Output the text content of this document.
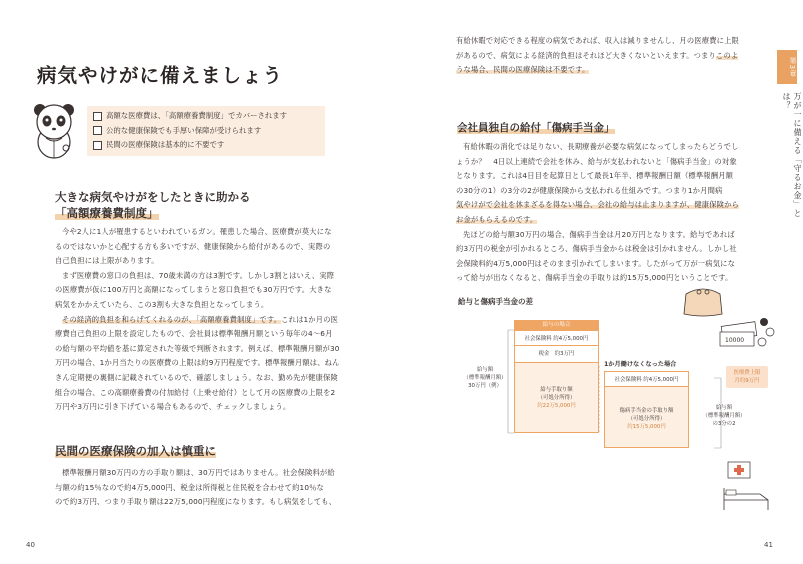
病気やけがに備えましょう
高額な医療費は、「高額療養費制度」でカバーされます
公的な健康保険でも手厚い保障が受けられます
民間の医療保険は基本的に不要です
大きな病気やけがをしたときに助かる
「高額療養費制度」

今や2人に1人が罹患するといわれているガン。罹患した場合、医療費が莫大にな

るのではないかと心配する方も多いですが、健康保険から給付があるので、実際の

自己負担には上限があります。

まず医療費の窓口の負担は、70歳未満の方は3割です。しかし3割とはいえ、実際

の医療費が仮に100万円と高額になってしまうと窓口負担でも30万円です。大きな

病気をかかえていたら、この3割も大きな負担となってしまう。

その経済的負担を和らげてくれるのが、「高額療養費制度」です。これは1か月の医

療費自己負担の上限を設定したもので、会社員は標準報酬月額という毎年の4～6月

の給与額の平均値を基に算定された等級で判断されます。例えば、標準報酬月額が30

万円の場合、1か月当たりの医療費の上限は約9万円程度です。標準報酬月額は、ねん

きん定期便の裏側に記載されているので、確認しましょう。なお、勤め先が健康保険

組合の場合、この高額療養費の付加給付（上乗せ給付）として月の医療費の上限を2

万円や3万円に引き下げている場合もあるので、チェックしましょう。

民間の医療保険の加入は慎重に

標準報酬月額30万円の方の手取り額は、30万円ではありません。社会保険料が給

与額の約15％なので約4万5,000円、税金は所得税と住民税を合わせて約10％な

ので約3万円、つまり手取り額は22万5,000円程度になります。もし病気をしても、

40

有給休暇で対応できる程度の病気であれば、収入は減りませんし、月の医療費に上限

があるので、病気による経済的負担はそれほど大きくないといえます。つまりこのよ

うな場合、民間の医療保険は不要です。

会社員独自の給付「傷病手当金」

有給休暇の消化では足りない、長期療養が必要な病気になってしまったらどうでし

ょうか？　4日以上連続で会社を休み、給与が支払われないと「傷病手当金」の対象

となります。これは4日目を起算日として最長1年半、標準報酬日額（標準報酬月額

の30分の1）の3分の2が健康保険から支払われる仕組みです。つまり1か月間病

気やけがで会社を休まざるを得ない場合、会社の給与は止まりますが、健康保険から

お金がもらえるのです。

先ほどの給与額30万円の場合、傷病手当金は月20万円となります。給与であれば

約3万円の税金が引かれるところ、傷病手当金からは税金は引かれません。しかし社

会保険料約4万5,000円はそのまま引かれてしまいます。したがって万が一病気にな

って給与が出なくなると、傷病手当金の手取りは約15万5,000円ということです。

給与と傷病手当金の差
給与額
（標準報酬月額）
30万円（例）
給与の場合
社会保険料 約4万5,000円
税金　約3万円
給与手取り額
（可処分所得）
約22万5,000円
1か月働けなくなった場合
社会保険料 約4万5,000円
傷病手当金の手取り額
（可処分所得）
約15万5,000円
給与額
（標準報酬月額）
の3分の2
医療費上限
月約9万円
10000
第3章
万が一に備える「守るお金」とは？
41
